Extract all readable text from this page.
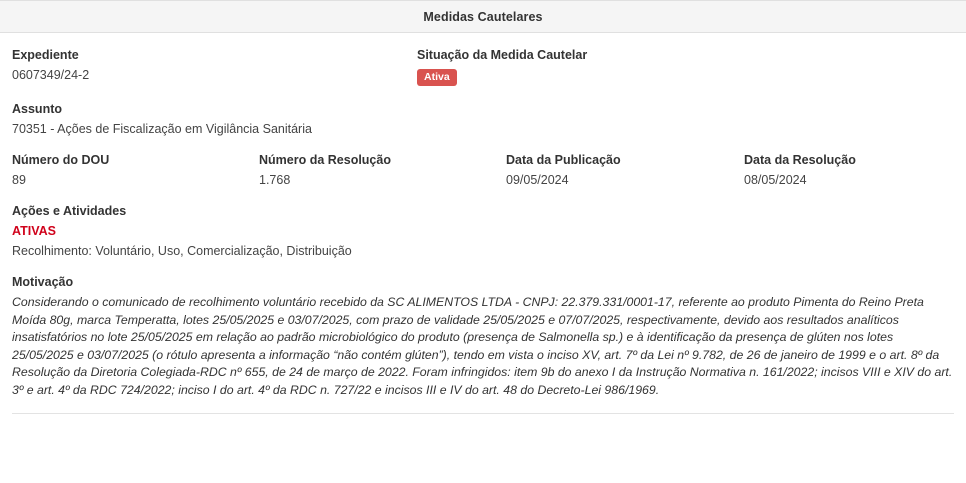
Medidas Cautelares
Expediente
0607349/24-2
Situação da Medida Cautelar
Ativa
Assunto
70351 - Ações de Fiscalização em Vigilância Sanitária
Número do DOU
89
Número da Resolução
1.768
Data da Publicação
09/05/2024
Data da Resolução
08/05/2024
Ações e Atividades
ATIVAS
Recolhimento: Voluntário, Uso, Comercialização, Distribuição
Motivação

Considerando o comunicado de recolhimento voluntário recebido da SC ALIMENTOS LTDA - CNPJ: 22.379.331/0001-17, referente ao produto Pimenta do Reino Preta Moída 80g, marca Temperatta, lotes 25/05/2025 e 03/07/2025, com prazo de validade 25/05/2025 e 07/07/2025, respectivamente, devido aos resultados analíticos insatisfatórios no lote 25/05/2025 em relação ao padrão microbiológico do produto (presença de Salmonella sp.) e à identificação da presença de glúten nos lotes 25/05/2025 e 03/07/2025 (o rótulo apresenta a informação “não contém glúten”), tendo em vista o inciso XV, art. 7º da Lei nº 9.782, de 26 de janeiro de 1999 e o art. 8º da Resolução da Diretoria Colegiada-RDC nº 655, de 24 de março de 2022. Foram infringidos: item 9b do anexo I da Instrução Normativa n. 161/2022; incisos VIII e XIV do art. 3º e art. 4º da RDC 724/2022; inciso I do art. 4º da RDC n. 727/22 e incisos III e IV do art. 48 do Decreto-Lei 986/1969.
